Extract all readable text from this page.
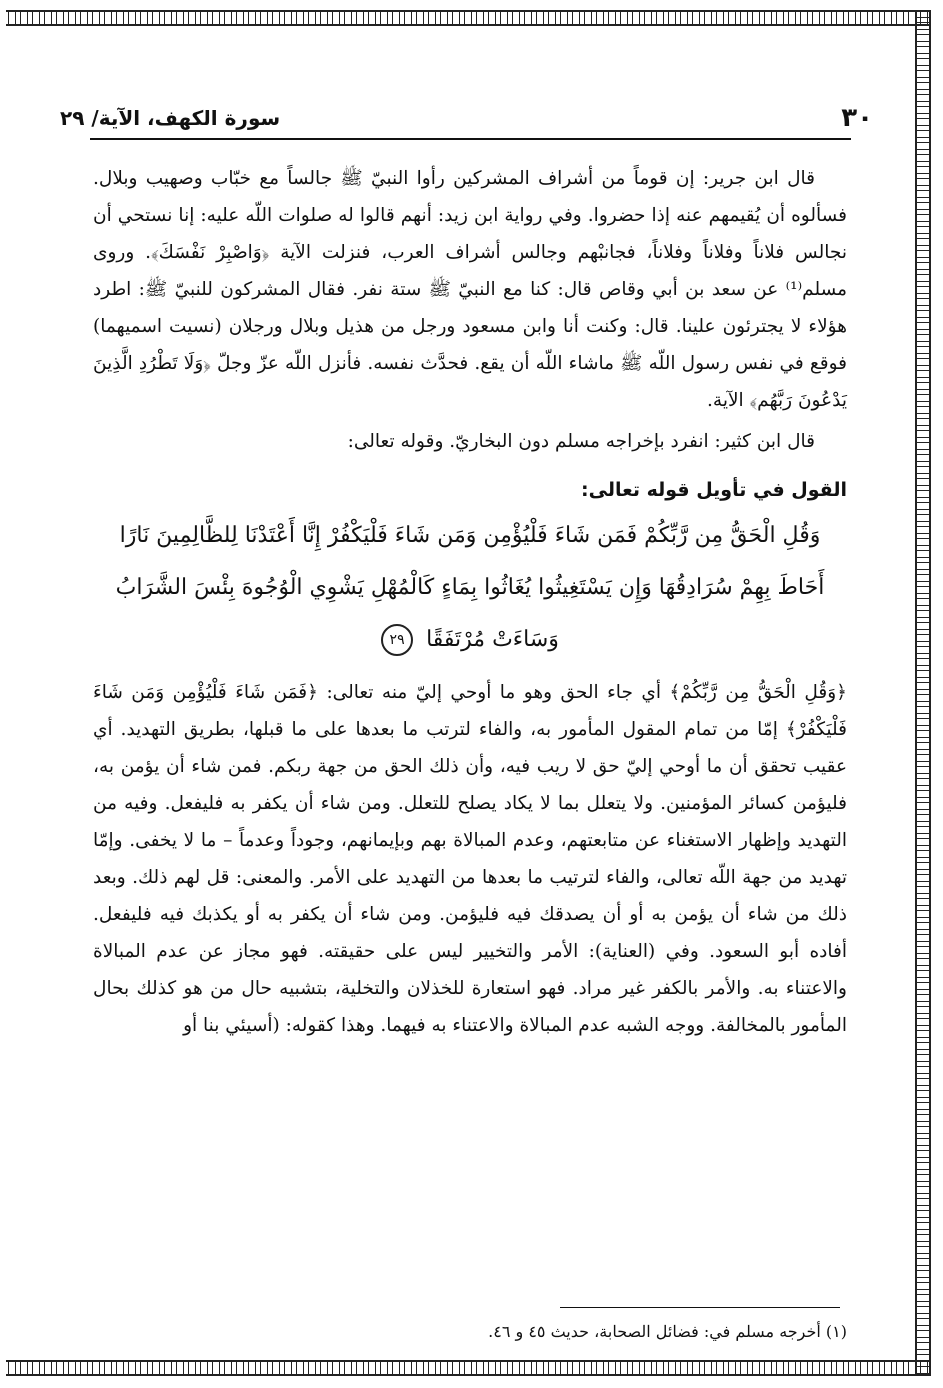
٣٠
سورة الكهف، الآية/ ٢٩

قال ابن جرير: إن قوماً من أشراف المشركين رأوا النبيّ ﷺ جالساً مع خبّاب وصهيب وبلال. فسألوه أن يُقيمهم عنه إذا حضروا. وفي رواية ابن زيد: أنهم قالوا له صلوات اللّه عليه: إنا نستحي أن نجالس فلاناً وفلاناً وفلاناً، فجانبْهم وجالس أشراف العرب، فنزلت الآية ﴿وَاصْبِرْ نَفْسَكَ﴾. وروى مسلم⁽¹⁾ عن سعد بن أبي وقاص قال: كنا مع النبيّ ﷺ ستة نفر. فقال المشركون للنبيّ ﷺ: اطرد هؤلاء لا يجترئون علينا. قال: وكنت أنا وابن مسعود ورجل من هذيل وبلال ورجلان (نسيت اسميهما) فوقع في نفس رسول اللّه ﷺ ماشاء اللّه أن يقع. فحدَّث نفسه. فأنزل اللّه عزّ وجلّ ﴿وَلَا تَطْرُدِ الَّذِينَ يَدْعُونَ رَبَّهُم﴾ الآية.

قال ابن كثير: انفرد بإخراجه مسلم دون البخاريّ. وقوله تعالى:

القول في تأويل قوله تعالى:
وَقُلِ الْحَقُّ مِن رَّبِّكُمْ فَمَن شَاءَ فَلْيُؤْمِن وَمَن شَاءَ فَلْيَكْفُرْ إِنَّا أَعْتَدْنَا لِلظَّالِمِينَ نَارًا أَحَاطَ بِهِمْ سُرَادِقُهَا وَإِن يَسْتَغِيثُوا يُغَاثُوا بِمَاءٍ كَالْمُهْلِ يَشْوِي الْوُجُوهَ بِئْسَ الشَّرَابُ وَسَاءَتْ مُرْتَفَقًا ٢٩

﴿وَقُلِ الْحَقُّ مِن رَّبِّكُمْ﴾ أي جاء الحق وهو ما أوحي إليّ منه تعالى: ﴿فَمَن شَاءَ فَلْيُؤْمِن وَمَن شَاءَ فَلْيَكْفُرْ﴾ إمّا من تمام المقول المأمور به، والفاء لترتب ما بعدها على ما قبلها، بطريق التهديد. أي عقيب تحقق أن ما أوحي إليّ حق لا ريب فيه، وأن ذلك الحق من جهة ربكم. فمن شاء أن يؤمن به، فليؤمن كسائر المؤمنين. ولا يتعلل بما لا يكاد يصلح للتعلل. ومن شاء أن يكفر به فليفعل. وفيه من التهديد وإظهار الاستغناء عن متابعتهم، وعدم المبالاة بهم وبإيمانهم، وجوداً وعدماً – ما لا يخفى. وإمّا تهديد من جهة اللّه تعالى، والفاء لترتيب ما بعدها من التهديد على الأمر. والمعنى: قل لهم ذلك. وبعد ذلك من شاء أن يؤمن به أو أن يصدقك فيه فليؤمن. ومن شاء أن يكفر به أو يكذبك فيه فليفعل. أفاده أبو السعود. وفي (العناية): الأمر والتخيير ليس على حقيقته. فهو مجاز عن عدم المبالاة والاعتناء به. والأمر بالكفر غير مراد. فهو استعارة للخذلان والتخلية، بتشبيه حال من هو كذلك بحال المأمور بالمخالفة. ووجه الشبه عدم المبالاة والاعتناء به فيهما. وهذا كقوله: (أسيئي بنا أو

(١) أخرجه مسلم في: فضائل الصحابة، حديث ٤٥ و ٤٦.
